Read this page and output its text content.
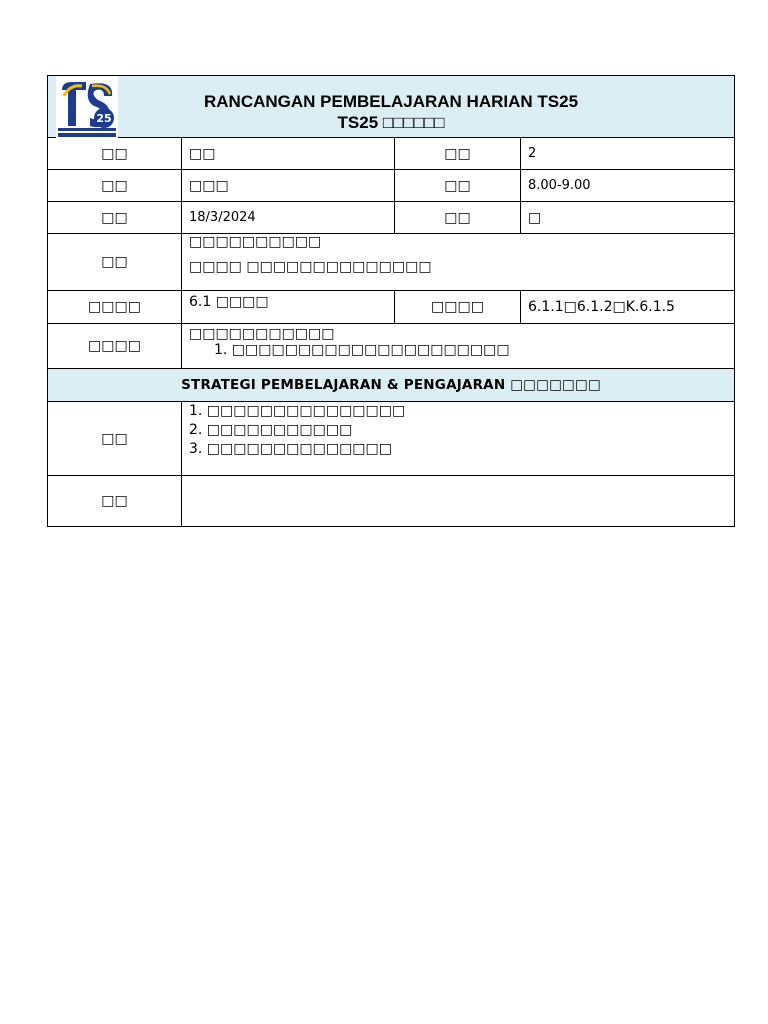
25
RANCANGAN PEMBELAJARAN HARIAN TS25
TS25 □□□□□□			

□□	□□	□□	2
□□	□□□	□□	8.00-9.00
□□	18/3/2024	□□	□
□□	□□□□□□□□□□
□□□□ □□□□□□□□□□□□□□		

□□□□	6.1 □□□□	□□□□	6.1.1□6.1.2□K.6.1.5
□□□□	□□□□□□□□□□□
1. □□□□□□□□□□□□□□□□□□□□□		

STRATEGI PEMBELAJARAN & PENGAJARAN □□□□□□□			
□□	1. □□□□□□□□□□□□□□□
2. □□□□□□□□□□□
3. □□□□□□□□□□□□□□		

□□			
